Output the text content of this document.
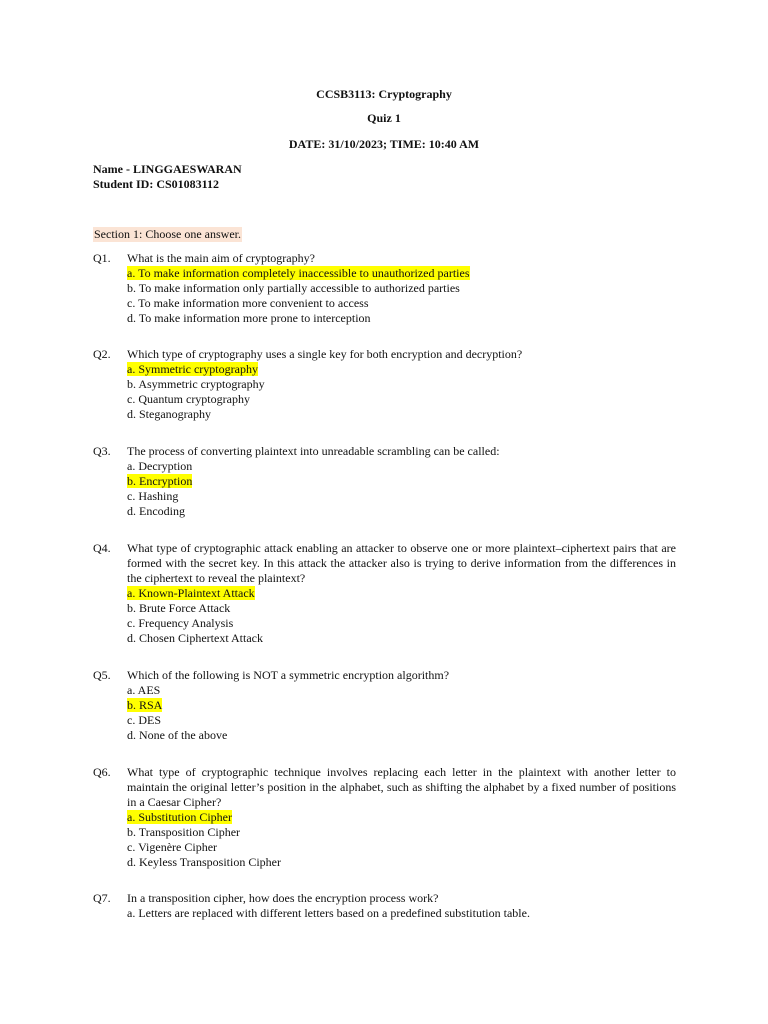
CCSB3113: Cryptography
Quiz 1
DATE: 31/10/2023; TIME: 10:40 AM
Name - LINGGAESWARAN
Student ID: CS01083112
Section 1: Choose one answer.
Q1.	What is the main aim of cryptography?
a. To make information completely inaccessible to unauthorized parties
b. To make information only partially accessible to authorized parties
c. To make information more convenient to access
d. To make information more prone to interception
Q2.	Which type of cryptography uses a single key for both encryption and decryption?
a. Symmetric cryptography
b. Asymmetric cryptography
c. Quantum cryptography
d. Steganography
Q3.	The process of converting plaintext into unreadable scrambling can be called:
a. Decryption
b. Encryption
c. Hashing
d. Encoding
Q4.	What type of cryptographic attack enabling an attacker to observe one or more plaintext–ciphertext pairs that are formed with the secret key. In this attack the attacker also is trying to derive information from the differences in the ciphertext to reveal the plaintext?
a. Known-Plaintext Attack
b. Brute Force Attack
c. Frequency Analysis
d. Chosen Ciphertext Attack
Q5.	Which of the following is NOT a symmetric encryption algorithm?
a. AES
b. RSA
c. DES
d. None of the above
Q6.	What type of cryptographic technique involves replacing each letter in the plaintext with another letter to maintain the original letter’s position in the alphabet, such as shifting the alphabet by a fixed number of positions in a Caesar Cipher?
a. Substitution Cipher
b. Transposition Cipher
c. Vigenère Cipher
d. Keyless Transposition Cipher
Q7.	In a transposition cipher, how does the encryption process work?
a. Letters are replaced with different letters based on a predefined substitution table.
